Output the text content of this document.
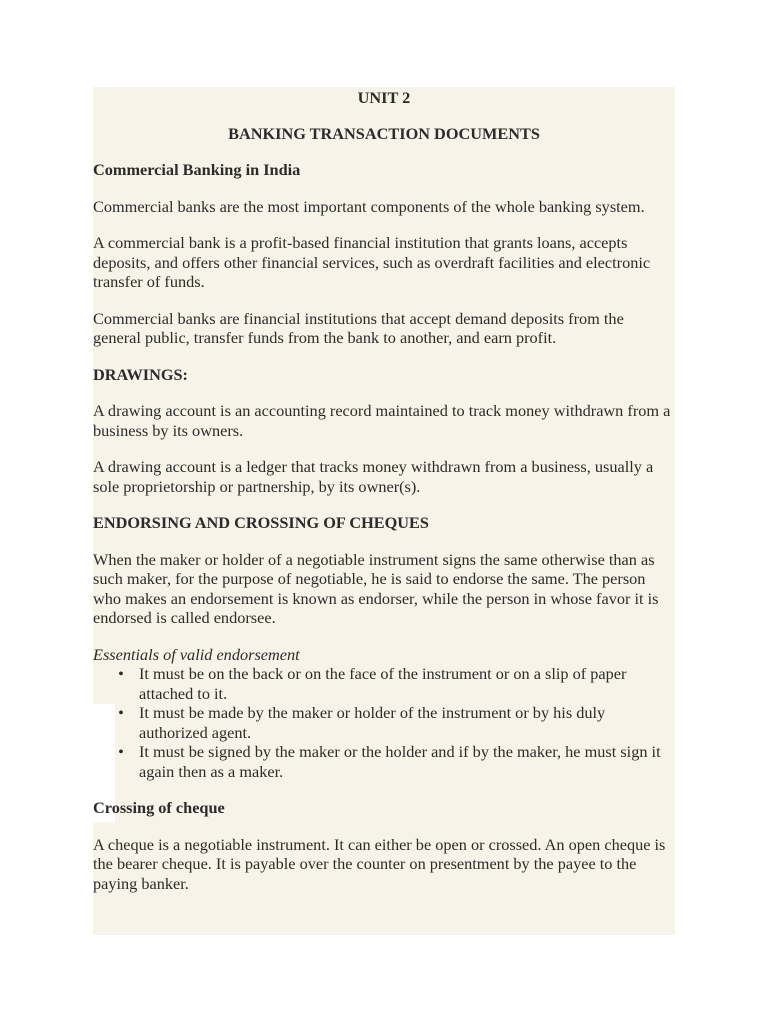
UNIT 2
BANKING TRANSACTION DOCUMENTS
Commercial Banking in India

Commercial banks are the most important components of the whole banking system.

A commercial bank is a profit-based financial institution that grants loans, accepts deposits, and offers other financial services, such as overdraft facilities and electronic transfer of funds.

Commercial banks are financial institutions that accept demand deposits from the general public, transfer funds from the bank to another, and earn profit.

DRAWINGS:

A drawing account is an accounting record maintained to track money withdrawn from a business by its owners.

A drawing account is a ledger that tracks money withdrawn from a business, usually a sole proprietorship or partnership, by its owner(s).

ENDORSING AND CROSSING OF CHEQUES

When the maker or holder of a negotiable instrument signs the same otherwise than as such maker, for the purpose of negotiable, he is said to endorse the same. The person who makes an endorsement is known as endorser, while the person in whose favor it is endorsed is called endorsee.

Essentials of valid endorsement

• It must be on the back or on the face of the instrument or on a slip of paper attached to it.
• It must be made by the maker or holder of the instrument or by his duly authorized agent.
• It must be signed by the maker or the holder and if by the maker, he must sign it again then as a maker.
Crossing of cheque

A cheque is a negotiable instrument. It can either be open or crossed. An open cheque is the bearer cheque. It is payable over the counter on presentment by the payee to the paying banker.
